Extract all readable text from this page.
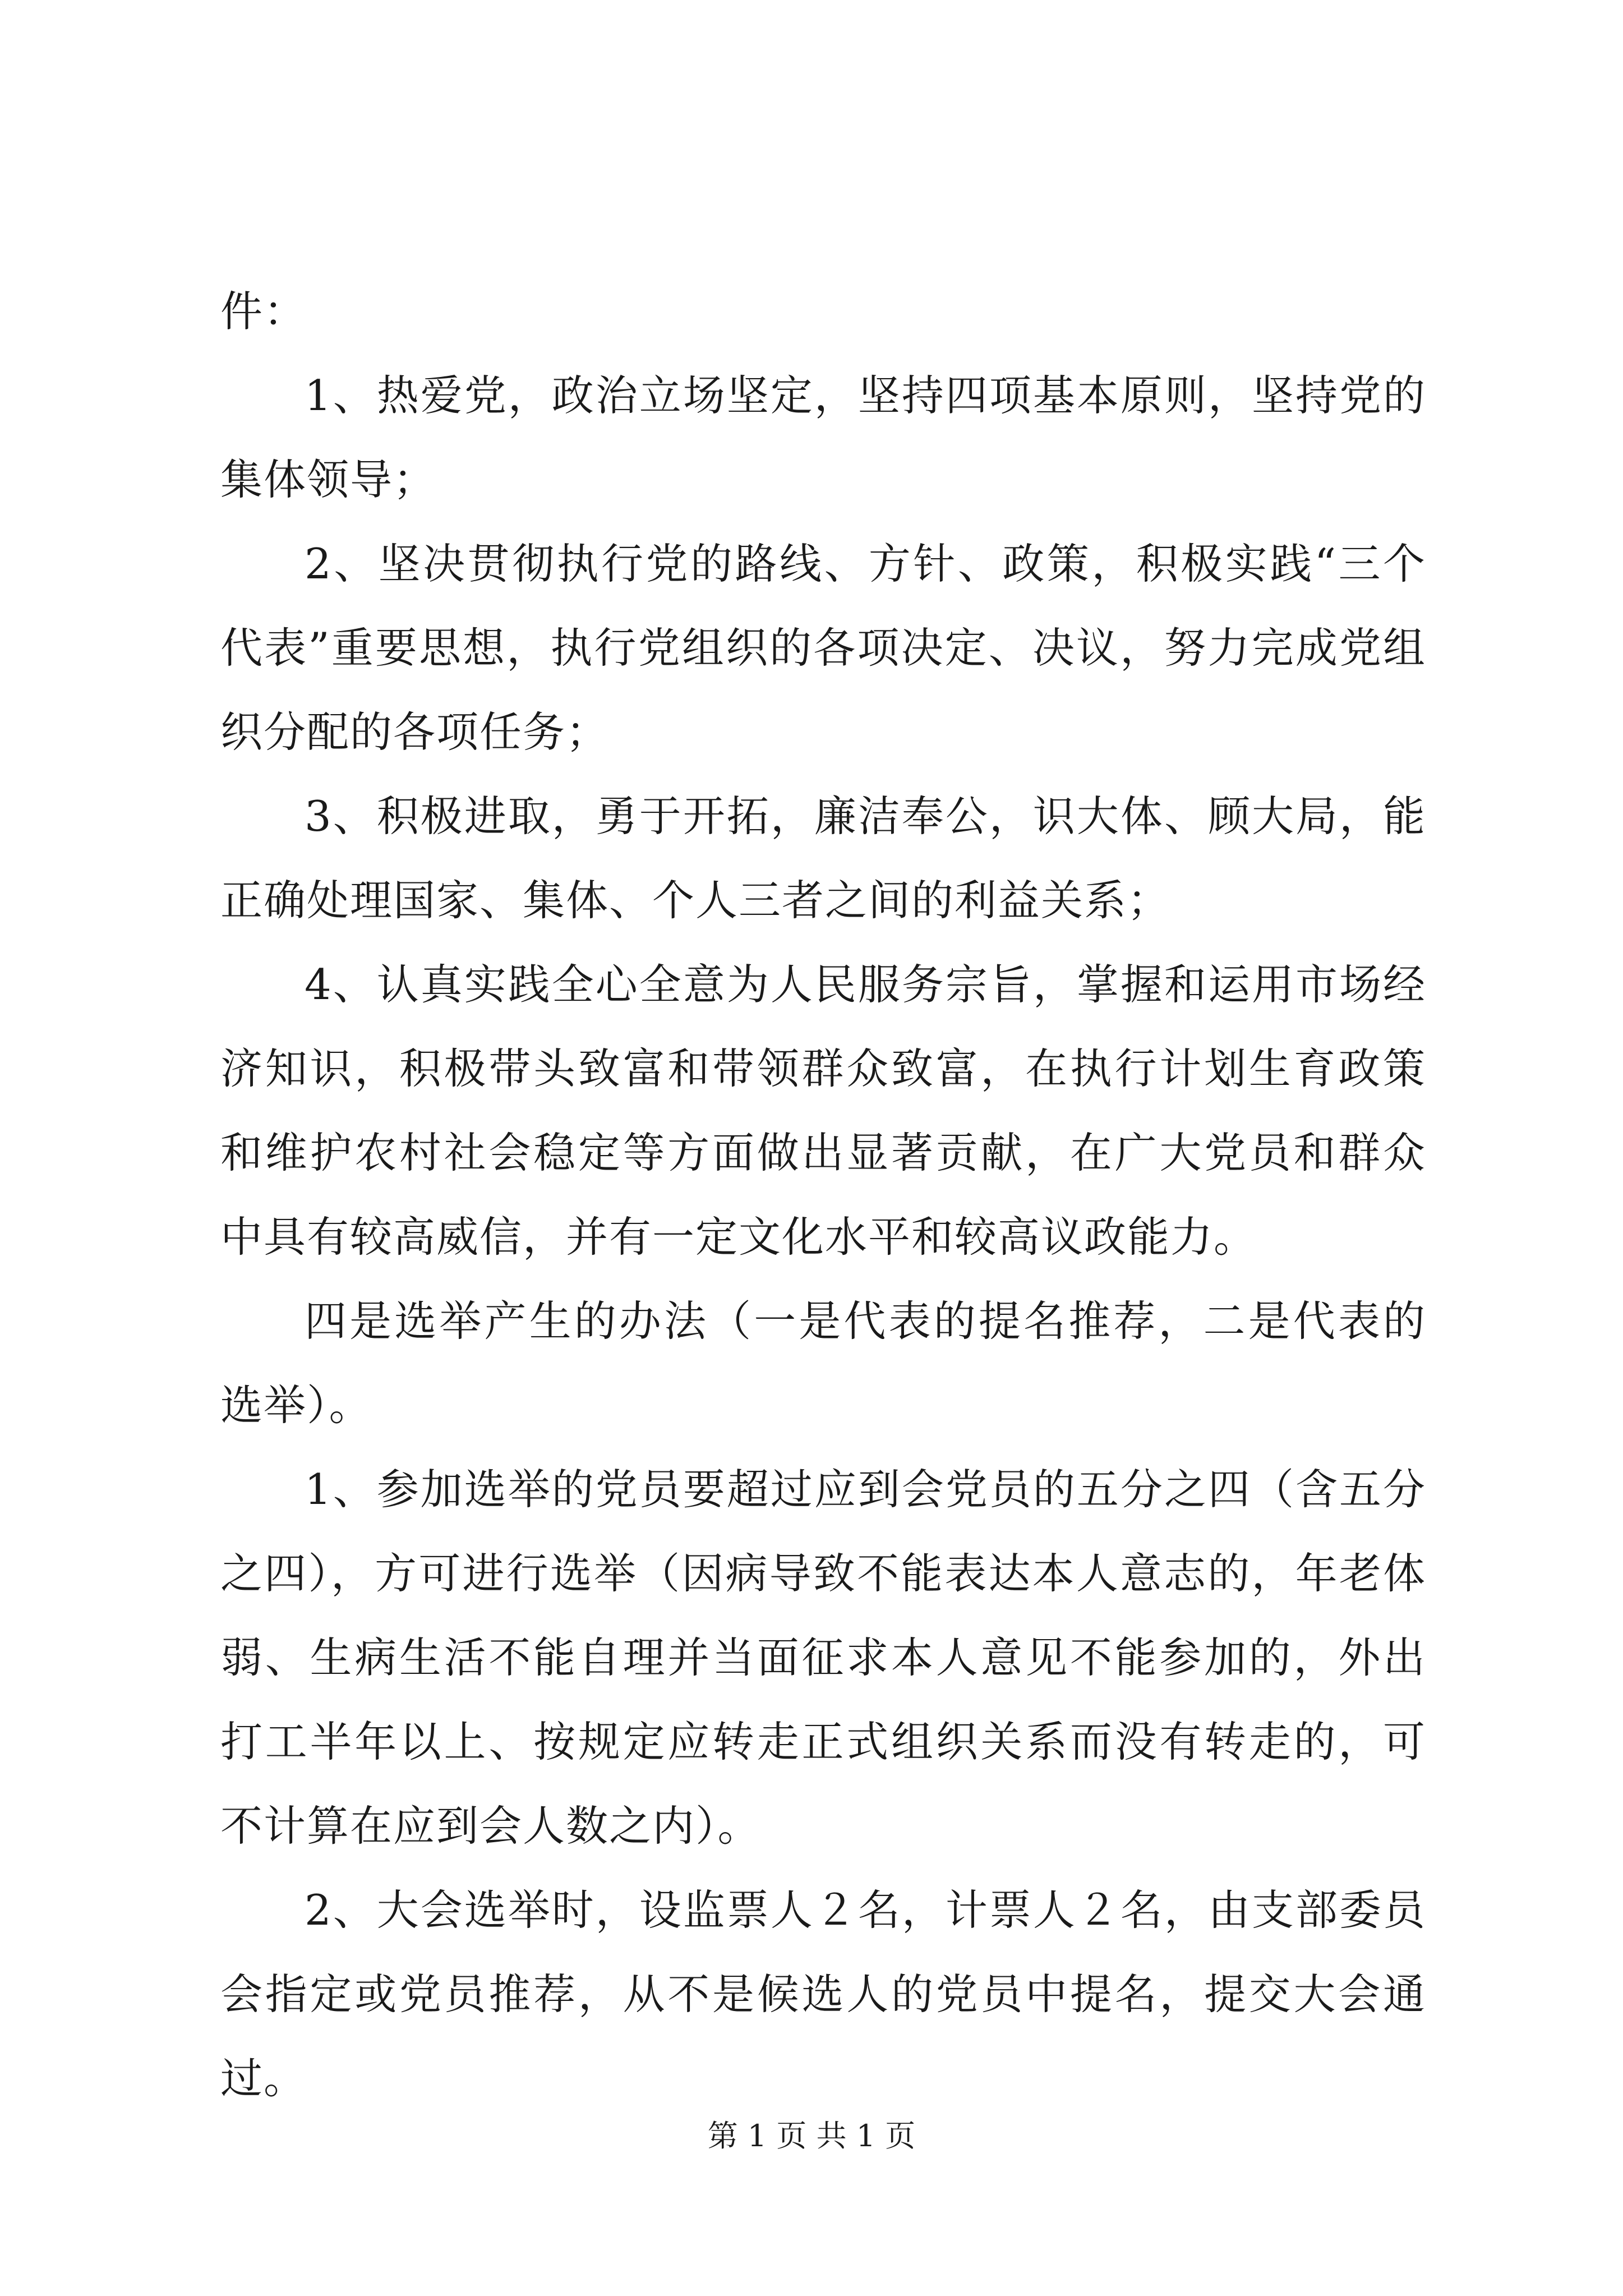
件：

1、热爱党，政治立场坚定，坚持四项基本原则，坚持党的集体领导；

2、坚决贯彻执行党的路线、方针、政策，积极实践“三个代表”重要思想，执行党组织的各项决定、决议，努力完成党组织分配的各项任务；

3、积极进取，勇于开拓，廉洁奉公，识大体、顾大局，能正确处理国家、集体、个人三者之间的利益关系；

4、认真实践全心全意为人民服务宗旨，掌握和运用市场经济知识，积极带头致富和带领群众致富，在执行计划生育政策和维护农村社会稳定等方面做出显著贡献，在广大党员和群众中具有较高威信，并有一定文化水平和较高议政能力。

四是选举产生的办法（一是代表的提名推荐，二是代表的选举）。

1、参加选举的党员要超过应到会党员的五分之四（含五分之四），方可进行选举（因病导致不能表达本人意志的，年老体弱、生病生活不能自理并当面征求本人意见不能参加的，外出打工半年以上、按规定应转走正式组织关系而没有转走的，可不计算在应到会人数之内）。

2、大会选举时，设监票人２名，计票人２名，由支部委员会指定或党员推荐，从不是候选人的党员中提名，提交大会通过。

第 1 页 共 1 页
